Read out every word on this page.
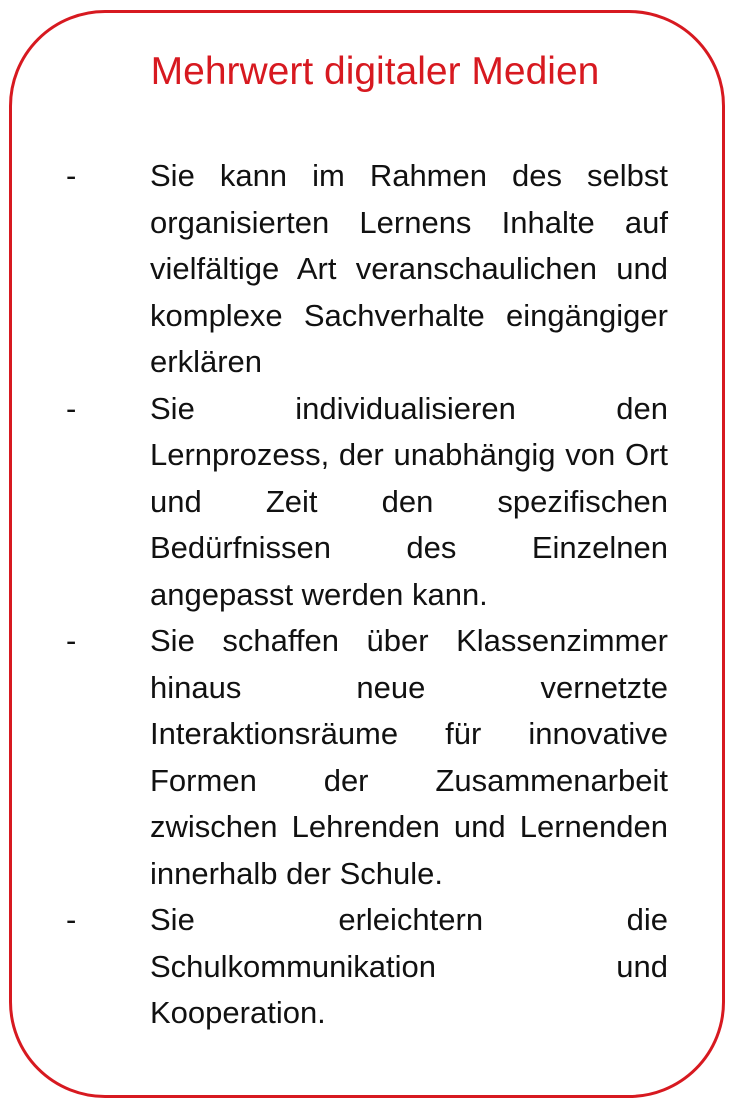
Mehrwert digitaler Medien
- Sie kann im Rahmen des selbst organisierten Lernens Inhalte auf vielfältige Art veranschaulichen und komplexe Sachverhalte eingängiger erklären
- Sie individualisieren den Lernprozess, der unabhängig von Ort und Zeit den spezifischen Bedürfnissen des Einzelnen angepasst werden kann.
- Sie schaffen über Klassenzimmer hinaus neue vernetzte Interaktionsräume für innovative Formen der Zusammenarbeit zwischen Lehrenden und Lernenden innerhalb der Schule.
- Sie erleichtern die Schulkommunikation und Kooperation.
